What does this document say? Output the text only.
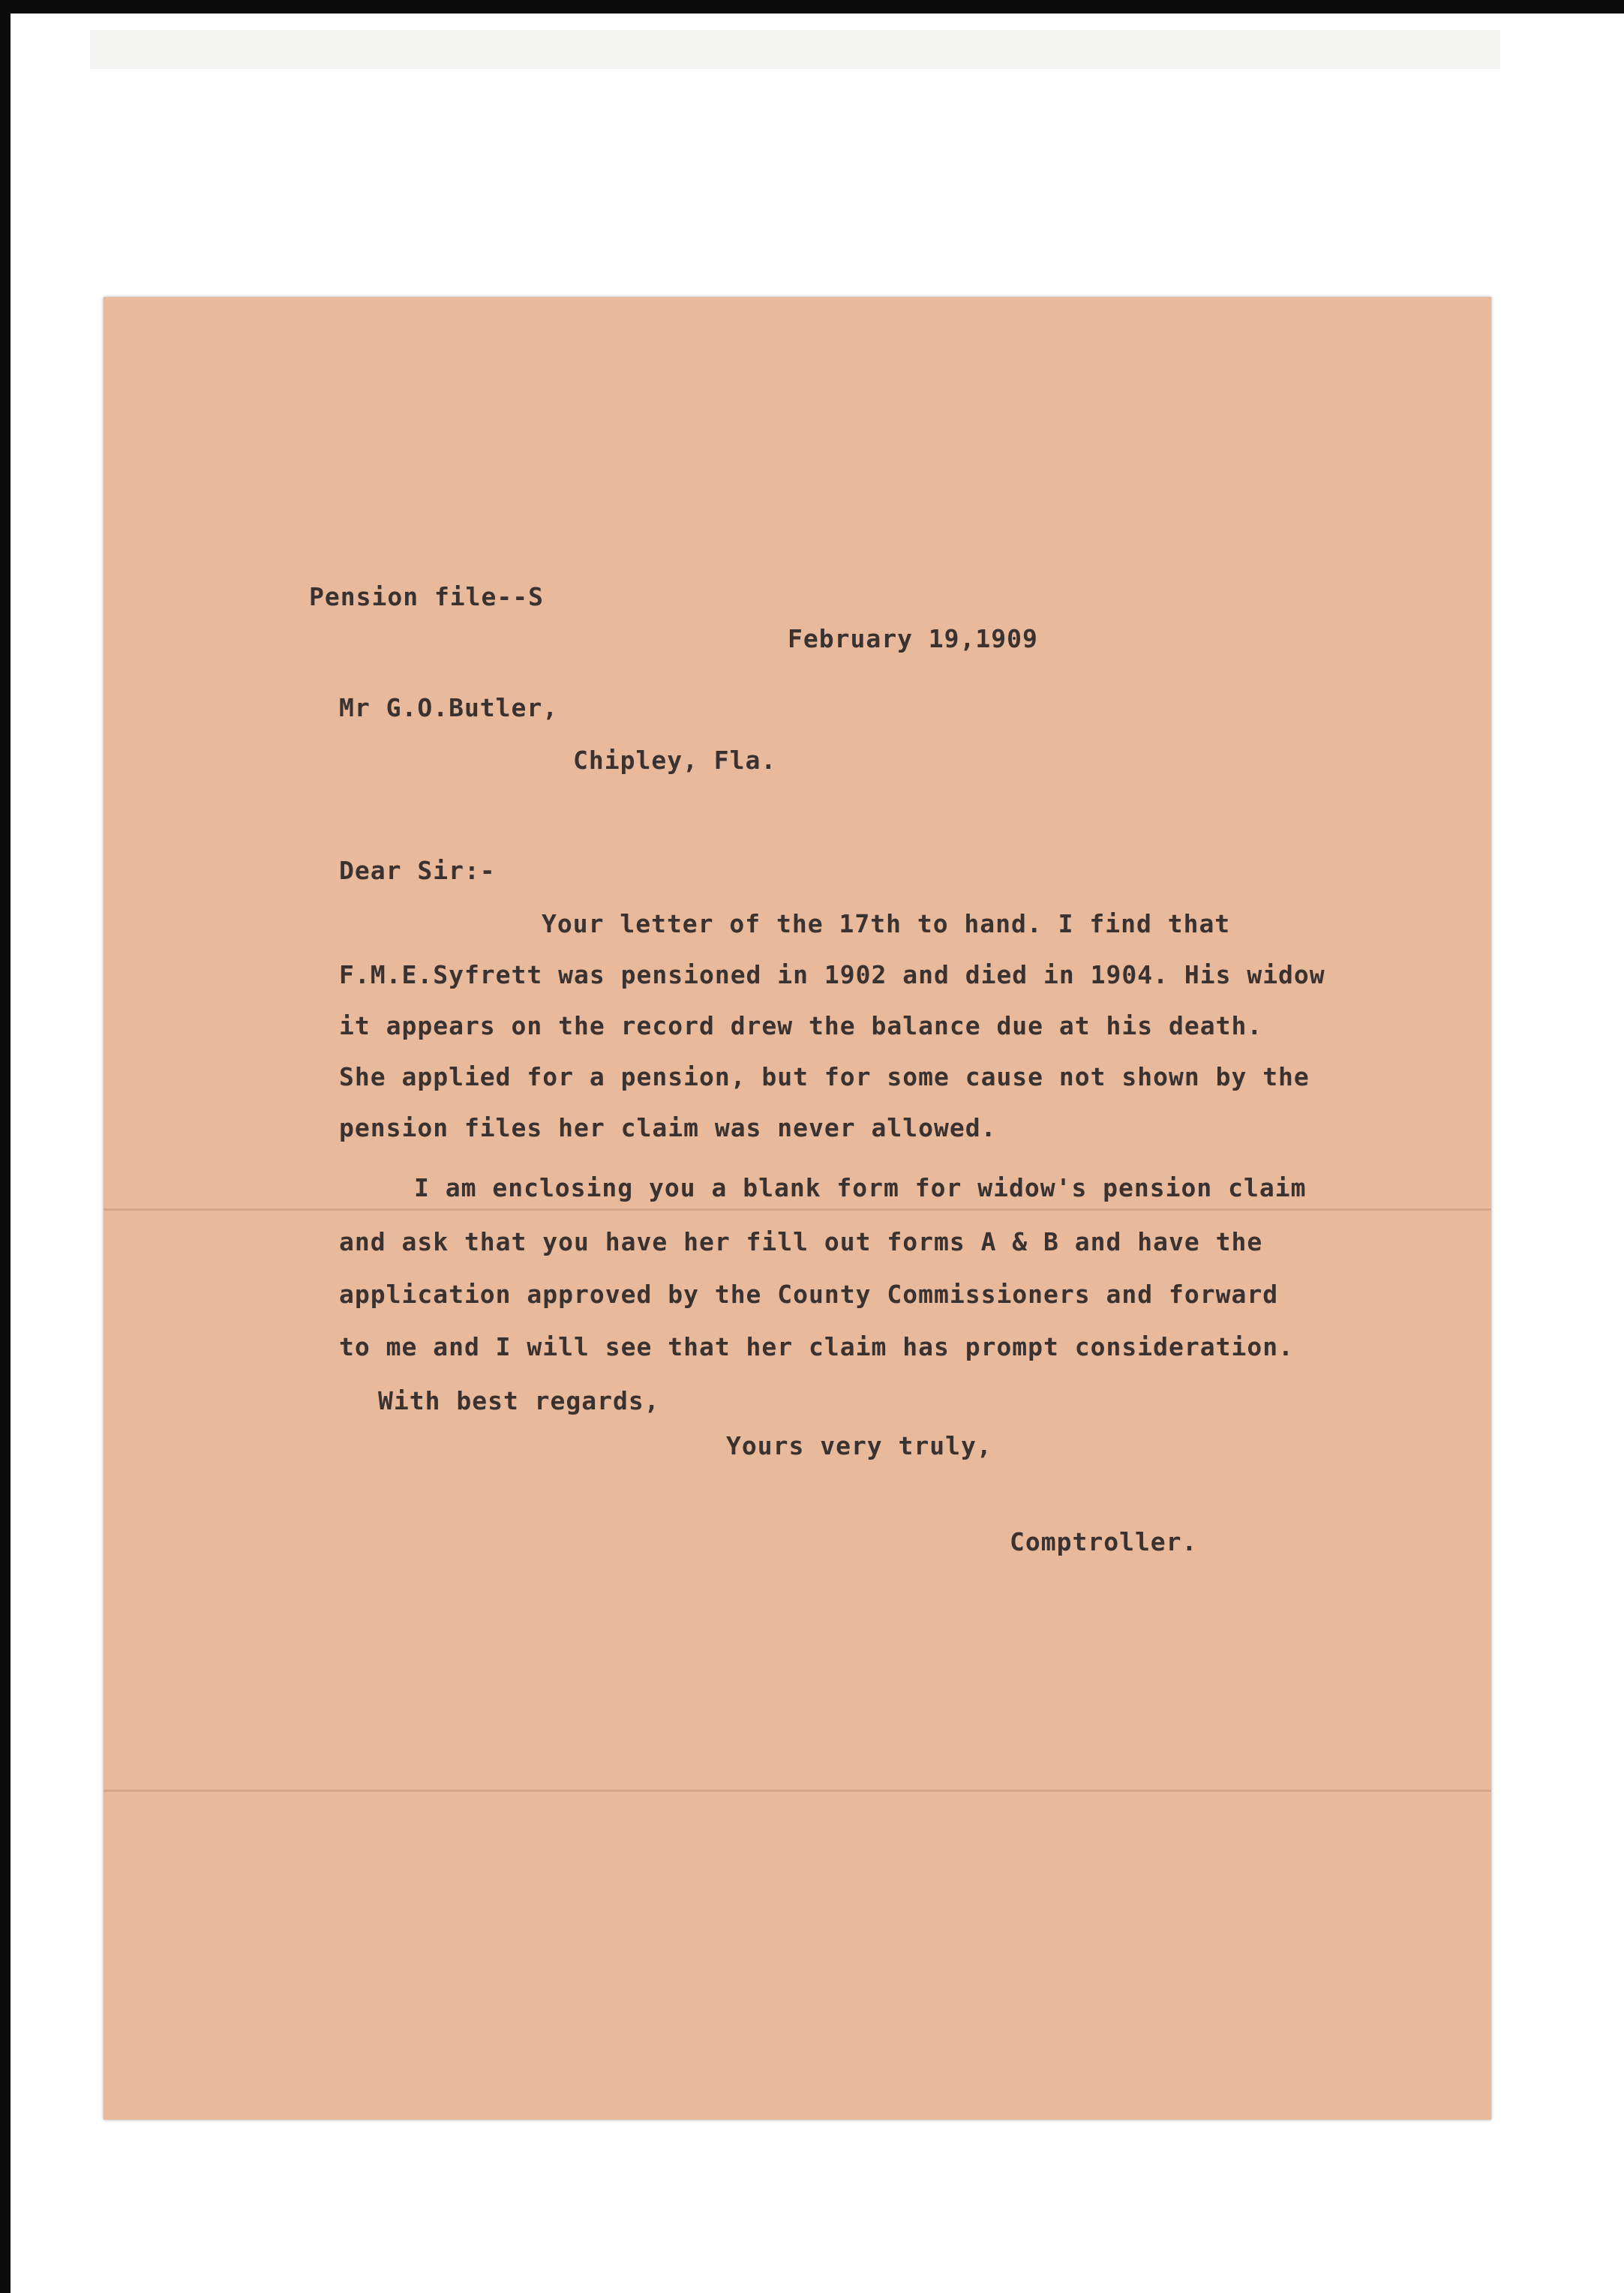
Pension file--S

February 19,1909

Mr G.O.Butler,

Chipley, Fla.

Dear Sir:-

Your letter of the 17th to hand. I find that

F.M.E.Syfrett was pensioned in 1902 and died in 1904. His widow

it appears on the record drew the balance due at his death.

She applied for a pension, but for some cause not shown by the

pension files her claim was never allowed.

I am enclosing you a blank form for widow's pension claim

and ask that you have her fill out forms A & B and have the

application approved by the County Commissioners and forward

to me and I will see that her claim has prompt consideration.

With best regards,

Yours very truly,

Comptroller.
